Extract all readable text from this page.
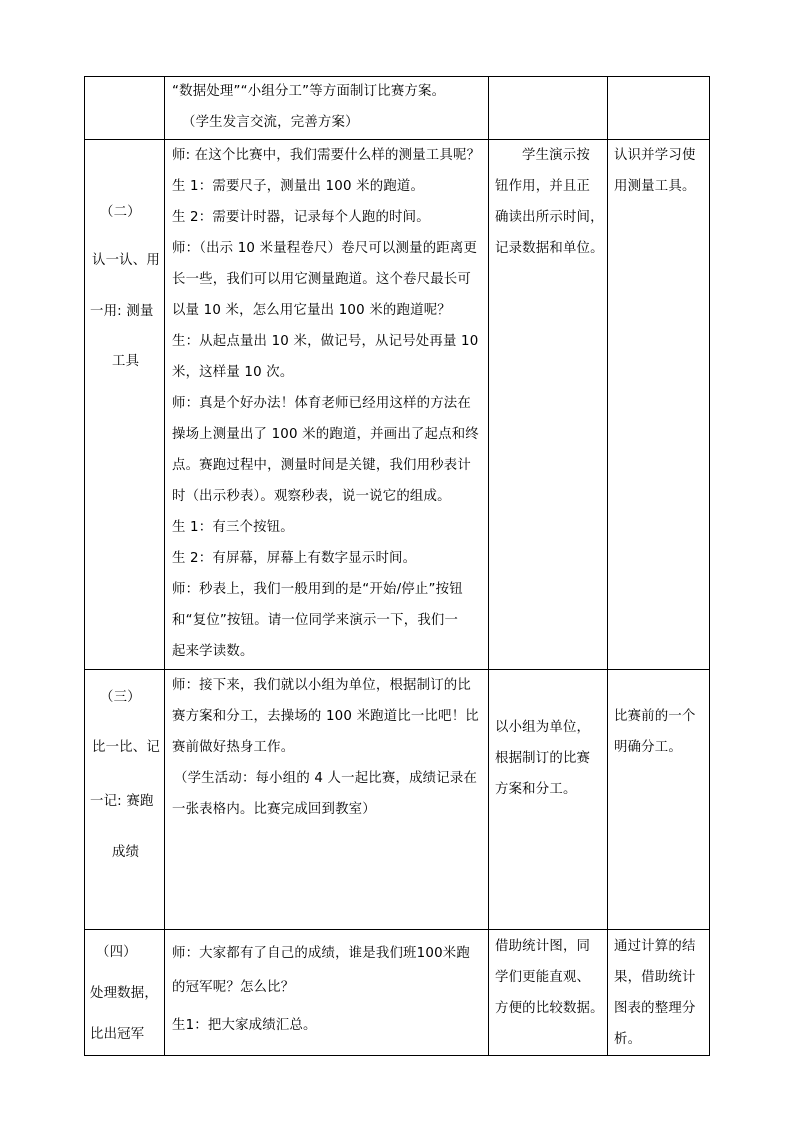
“数据处理”“小组分工”等方面制订比赛方案。
（学生发言交流，完善方案）
（二）
认一认、用
一用: 测量
工具
师: 在这个比赛中，我们需要什么样的测量工具呢？
生 1：需要尺子，测量出 100 米的跑道。
生 2：需要计时器，记录每个人跑的时间。
师：（出示 10 米量程卷尺）卷尺可以测量的距离更
长一些，我们可以用它测量跑道。这个卷尺最长可
以量 10 米，怎么用它量出 100 米的跑道呢？
生：从起点量出 10 米，做记号，从记号处再量 10
米，这样量 10 次。
师：真是个好办法！体育老师已经用这样的方法在
操场上测量出了 100 米的跑道，并画出了起点和终
点。赛跑过程中，测量时间是关键，我们用秒表计
时（出示秒表）。观察秒表，说一说它的组成。
生 1：有三个按钮。
生 2：有屏幕，屏幕上有数字显示时间。
师：秒表上，我们一般用到的是“开始/停止”按钮
和“复位”按钮。请一位同学来演示一下，我们一
起来学读数。
学生演示按
钮作用，并且正
确读出所示时间，
记录数据和单位。
认识并学习使
用测量工具。
（三）
比一比、记
一记: 赛跑
成绩
师：接下来，我们就以小组为单位，根据制订的比
赛方案和分工，去操场的 100 米跑道比一比吧！比
赛前做好热身工作。
（学生活动：每小组的 4 人一起比赛，成绩记录在
一张表格内。比赛完成回到教室）
以小组为单位，
根据制订的比赛
方案和分工。
比赛前的一个
明确分工。
（四）
处理数据，
比出冠军
师：大家都有了自己的成绩，谁是我们班100米跑
的冠军呢？怎么比？
生1：把大家成绩汇总。
借助统计图，同
学们更能直观、
方便的比较数据。
通过计算的结
果，借助统计
图表的整理分
析。
